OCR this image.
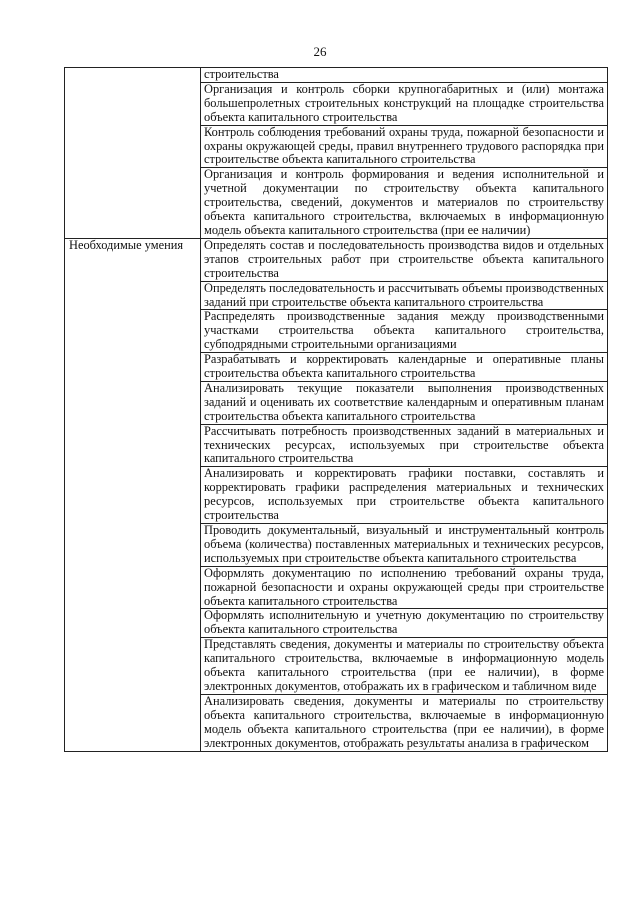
26
	строительства
	Организация и контроль сборки крупногабаритных и (или) монтажа большепролетных строительных конструкций на площадке строительства объекта капитального строительства
	Контроль соблюдения требований охраны труда, пожарной безопасности и охраны окружающей среды, правил внутреннего трудового распорядка при строительстве объекта капитального строительства
	Организация и контроль формирования и ведения исполнительной и учетной документации по строительству объекта капитального строительства, сведений, документов и материалов по строительству объекта капитального строительства, включаемых в информационную модель объекта капитального строительства (при ее наличии)
Необходимые умения	Определять состав и последовательность производства видов и отдельных этапов строительных работ при строительстве объекта капитального строительства
	Определять последовательность и рассчитывать объемы производственных заданий при строительстве объекта капитального строительства
	Распределять производственные задания между производственными участками строительства объекта капитального строительства, субподрядными строительными организациями
	Разрабатывать и корректировать календарные и оперативные планы строительства объекта капитального строительства
	Анализировать текущие показатели выполнения производственных заданий и оценивать их соответствие календарным и оперативным планам строительства объекта капитального строительства
	Рассчитывать потребность производственных заданий в материальных и технических ресурсах, используемых при строительстве объекта капитального строительства
	Анализировать и корректировать графики поставки, составлять и корректировать графики распределения материальных и технических ресурсов, используемых при строительстве объекта капитального строительства
	Проводить документальный, визуальный и инструментальный контроль объема (количества) поставленных материальных и технических ресурсов, используемых при строительстве объекта капитального строительства
	Оформлять документацию по исполнению требований охраны труда, пожарной безопасности и охраны окружающей среды при строительстве объекта капитального строительства
	Оформлять исполнительную и учетную документацию по строительству объекта капитального строительства
	Представлять сведения, документы и материалы по строительству объекта капитального строительства, включаемые в информационную модель объекта капитального строительства (при ее наличии), в форме электронных документов, отображать их в графическом и табличном виде
	Анализировать сведения, документы и материалы по строительству объекта капитального строительства, включаемые в информационную модель объекта капитального строительства (при ее наличии), в форме электронных документов, отображать результаты анализа в графическом
